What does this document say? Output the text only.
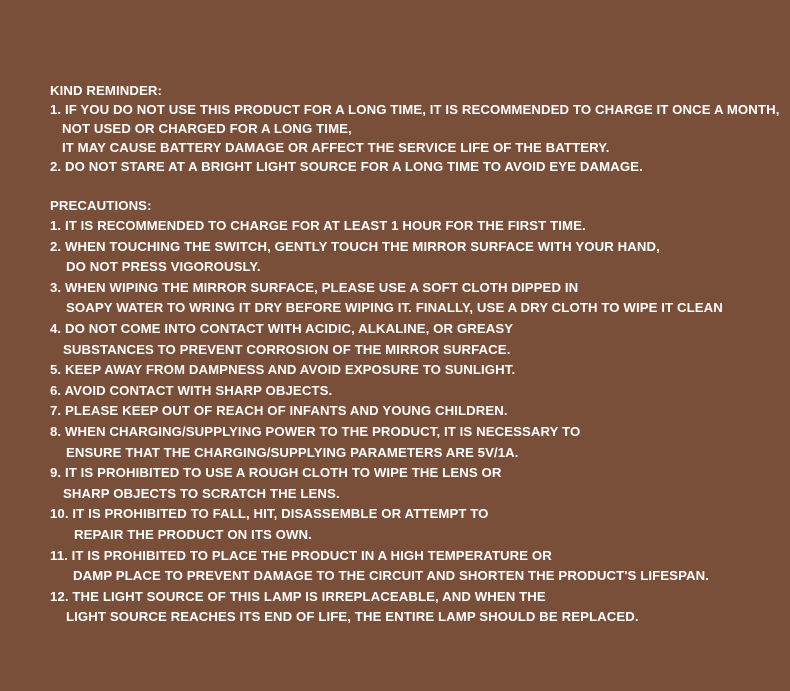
KIND REMINDER:
1. IF YOU DO NOT USE THIS PRODUCT FOR A LONG TIME, IT IS RECOMMENDED TO CHARGE IT ONCE A MONTH,
NOT USED OR CHARGED FOR A LONG TIME,
IT MAY CAUSE BATTERY DAMAGE OR AFFECT THE SERVICE LIFE OF THE BATTERY.
2. DO NOT STARE AT A BRIGHT LIGHT SOURCE FOR A LONG TIME TO AVOID EYE DAMAGE.
PRECAUTIONS:
1. IT IS RECOMMENDED TO CHARGE FOR AT LEAST 1 HOUR FOR THE FIRST TIME.
2. WHEN TOUCHING THE SWITCH, GENTLY TOUCH THE MIRROR SURFACE WITH YOUR HAND,
DO NOT PRESS VIGOROUSLY.
3. WHEN WIPING THE MIRROR SURFACE, PLEASE USE A SOFT CLOTH DIPPED IN
SOAPY WATER TO WRING IT DRY BEFORE WIPING IT. FINALLY, USE A DRY CLOTH TO WIPE IT CLEAN
4. DO NOT COME INTO CONTACT WITH ACIDIC, ALKALINE, OR GREASY
SUBSTANCES TO PREVENT CORROSION OF THE MIRROR SURFACE.
5. KEEP AWAY FROM DAMPNESS AND AVOID EXPOSURE TO SUNLIGHT.
6. AVOID CONTACT WITH SHARP OBJECTS.
7. PLEASE KEEP OUT OF REACH OF INFANTS AND YOUNG CHILDREN.
8. WHEN CHARGING/SUPPLYING POWER TO THE PRODUCT, IT IS NECESSARY TO
ENSURE THAT THE CHARGING/SUPPLYING PARAMETERS ARE 5V/1A.
9. IT IS PROHIBITED TO USE A ROUGH CLOTH TO WIPE THE LENS OR
SHARP OBJECTS TO SCRATCH THE LENS.
10. IT IS PROHIBITED TO FALL, HIT, DISASSEMBLE OR ATTEMPT TO
REPAIR THE PRODUCT ON ITS OWN.
11. IT IS PROHIBITED TO PLACE THE PRODUCT IN A HIGH TEMPERATURE OR
DAMP PLACE TO PREVENT DAMAGE TO THE CIRCUIT AND SHORTEN THE PRODUCT'S LIFESPAN.
12. THE LIGHT SOURCE OF THIS LAMP IS IRREPLACEABLE, AND WHEN THE
LIGHT SOURCE REACHES ITS END OF LIFE, THE ENTIRE LAMP SHOULD BE REPLACED.
